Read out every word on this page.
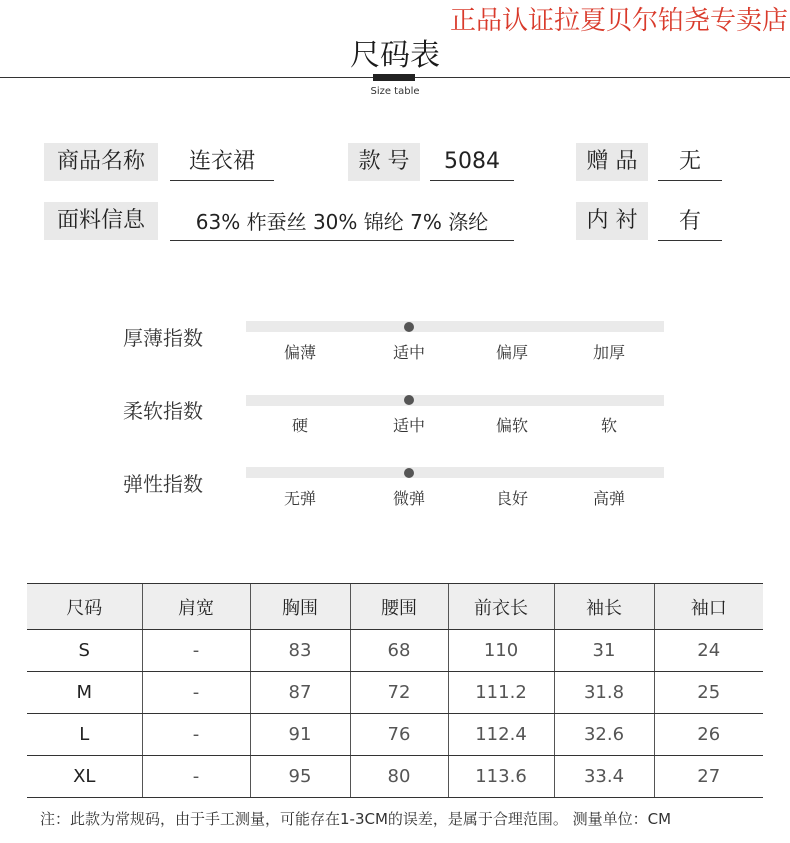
正品认证拉夏贝尔铂尧专卖店
尺码表
Size table
商品名称	连衣裙	款 号	5084	赠 品	无
面料信息	63% 柞蚕丝 30% 锦纶 7% 涤纶	内 衬	有
厚薄指数
偏薄	适中	偏厚	加厚
柔软指数
硬	适中	偏软	软
弹性指数
无弹	微弹	良好	高弹
尺码	肩宽	胸围	腰围	前衣长	袖长	袖口
S	-	83	68	110	31	24
M	-	87	72	111.2	31.8	25
L	-	91	76	112.4	32.6	26
XL	-	95	80	113.6	33.4	27
注：此款为常规码，由于手工测量，可能存在1-3CM的误差，是属于合理范围。 测量单位：CM
